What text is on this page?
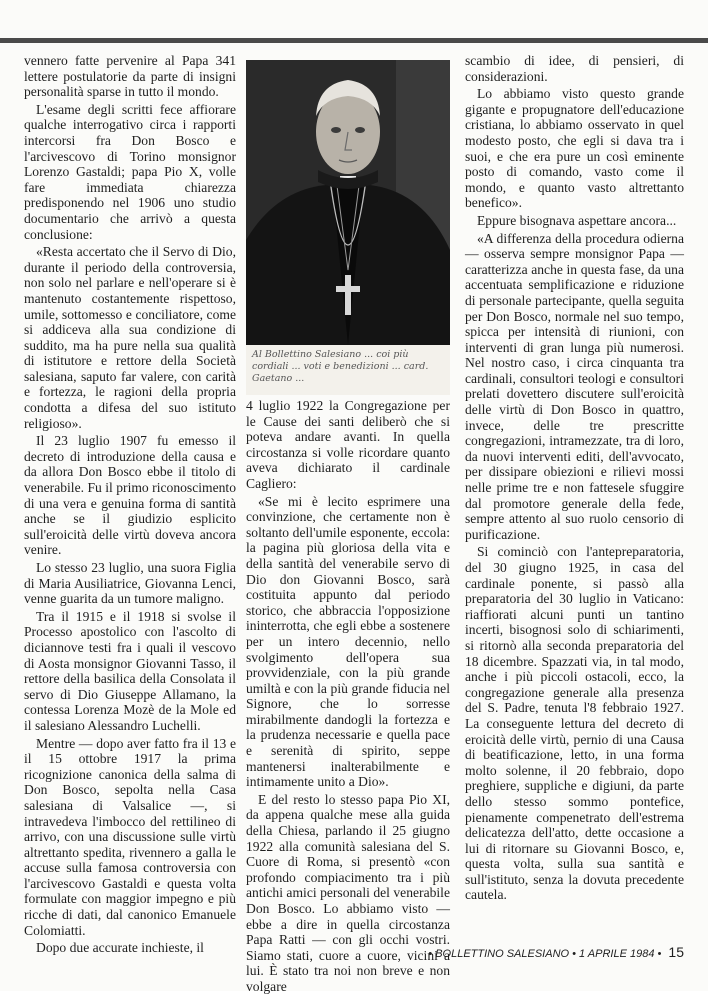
vennero fatte pervenire al Papa 341 lettere postulatorie da parte di insigni personalità sparse in tutto il mondo.

L'esame degli scritti fece affiorare qualche interrogativo circa i rapporti intercorsi fra Don Bosco e l'arcivescovo di Torino monsignor Lorenzo Gastaldi; papa Pio X, volle fare immediata chiarezza predisponendo nel 1906 uno studio documentario che arrivò a questa conclusione:

«Resta accertato che il Servo di Dio, durante il periodo della controversia, non solo nel parlare e nell'operare si è mantenuto costantemente rispettoso, umile, sottomesso e conciliatore, come si addiceva alla sua condizione di suddito, ma ha pure nella sua qualità di istitutore e rettore della Società salesiana, saputo far valere, con carità e fortezza, le ragioni della propria condotta a difesa del suo istituto religioso».

Il 23 luglio 1907 fu emesso il decreto di introduzione della causa e da allora Don Bosco ebbe il titolo di venerabile. Fu il primo riconoscimento di una vera e genuina forma di santità anche se il giudizio esplicito sull'eroicità delle virtù doveva ancora venire.

Lo stesso 23 luglio, una suora Figlia di Maria Ausiliatrice, Giovanna Lenci, venne guarita da un tumore maligno.

Tra il 1915 e il 1918 si svolse il Processo apostolico con l'ascolto di diciannove testi fra i quali il vescovo di Aosta monsignor Giovanni Tasso, il rettore della basilica della Consolata il servo di Dio Giuseppe Allamano, la contessa Lorenza Mozè de la Mole ed il salesiano Alessandro Luchelli.

Mentre — dopo aver fatto fra il 13 e il 15 ottobre 1917 la prima ricognizione canonica della salma di Don Bosco, sepolta nella Casa salesiana di Valsalice —, si intravedeva l'imbocco del rettilineo di arrivo, con una discussione sulle virtù altrettanto spedita, rivennero a galla le accuse sulla famosa controversia con l'arcivescovo Gastaldi e questa volta formulate con maggior impegno e più ricche di dati, dal canonico Emanuele Colomiatti.

Dopo due accurate inchieste, il

Al Bollettino Salesiano ... coi più cordiali ... voti e benedizioni ... card. Gaetano ...

4 luglio 1922 la Congregazione per le Cause dei santi deliberò che si poteva andare avanti. In quella circostanza si volle ricordare quanto aveva dichiarato il cardinale Cagliero:

«Se mi è lecito esprimere una convinzione, che certamente non è soltanto dell'umile esponente, eccola: la pagina più gloriosa della vita e della santità del venerabile servo di Dio don Giovanni Bosco, sarà costituita appunto dal periodo storico, che abbraccia l'opposizione ininterrotta, che egli ebbe a sostenere per un intero decennio, nello svolgimento dell'opera sua provvidenziale, con la più grande umiltà e con la più grande fiducia nel Signore, che lo sorresse mirabilmente dandogli la fortezza e la prudenza necessarie e quella pace e serenità di spirito, seppe mantenersi inalterabilmente e intimamente unito a Dio».

E del resto lo stesso papa Pio XI, da appena qualche mese alla guida della Chiesa, parlando il 25 giugno 1922 alla comunità salesiana del S. Cuore di Roma, si presentò «con profondo compiacimento tra i più antichi amici personali del venerabile Don Bosco. Lo abbiamo visto — ebbe a dire in quella circostanza Papa Ratti — con gli occhi vostri. Siamo stati, cuore a cuore, vicini a lui. È stato tra noi non breve e non volgare

scambio di idee, di pensieri, di considerazioni.

Lo abbiamo visto questo grande gigante e propugnatore dell'educazione cristiana, lo abbiamo osservato in quel modesto posto, che egli si dava tra i suoi, e che era pure un così eminente posto di comando, vasto come il mondo, e quanto vasto altrettanto benefico».

Eppure bisognava aspettare ancora...

«A differenza della procedura odierna — osserva sempre monsignor Papa — caratterizza anche in questa fase, da una accentuata semplificazione e riduzione di personale partecipante, quella seguita per Don Bosco, normale nel suo tempo, spicca per intensità di riunioni, con interventi di gran lunga più numerosi. Nel nostro caso, i circa cinquanta tra cardinali, consultori teologi e consultori prelati dovettero discutere sull'eroicità delle virtù di Don Bosco in quattro, invece, delle tre prescritte congregazioni, intramezzate, tra di loro, da nuovi interventi editi, dell'avvocato, per dissipare obiezioni e rilievi mossi nelle prime tre e non fattesele sfuggire dal promotore generale della fede, sempre attento al suo ruolo censorio di purificazione.

Si cominciò con l'antepreparatoria, del 30 giugno 1925, in casa del cardinale ponente, si passò alla preparatoria del 30 luglio in Vaticano: riaffiorati alcuni punti un tantino incerti, bisognosi solo di schiarimenti, si ritornò alla seconda preparatoria del 18 dicembre. Spazzati via, in tal modo, anche i più piccoli ostacoli, ecco, la congregazione generale alla presenza del S. Padre, tenuta l'8 febbraio 1927. La conseguente lettura del decreto di eroicità delle virtù, pernio di una Causa di beatificazione, letto, in una forma molto solenne, il 20 febbraio, dopo preghiere, suppliche e digiuni, da parte dello stesso sommo pontefice, pienamente compenetrato dell'estrema delicatezza dell'atto, dette occasione a lui di ritornare su Giovanni Bosco, e, questa volta, sulla sua santità e sull'istituto, senza la dovuta precedente cautela.

• BOLLETTINO SALESIANO • 1 APRILE 1984 • 15
